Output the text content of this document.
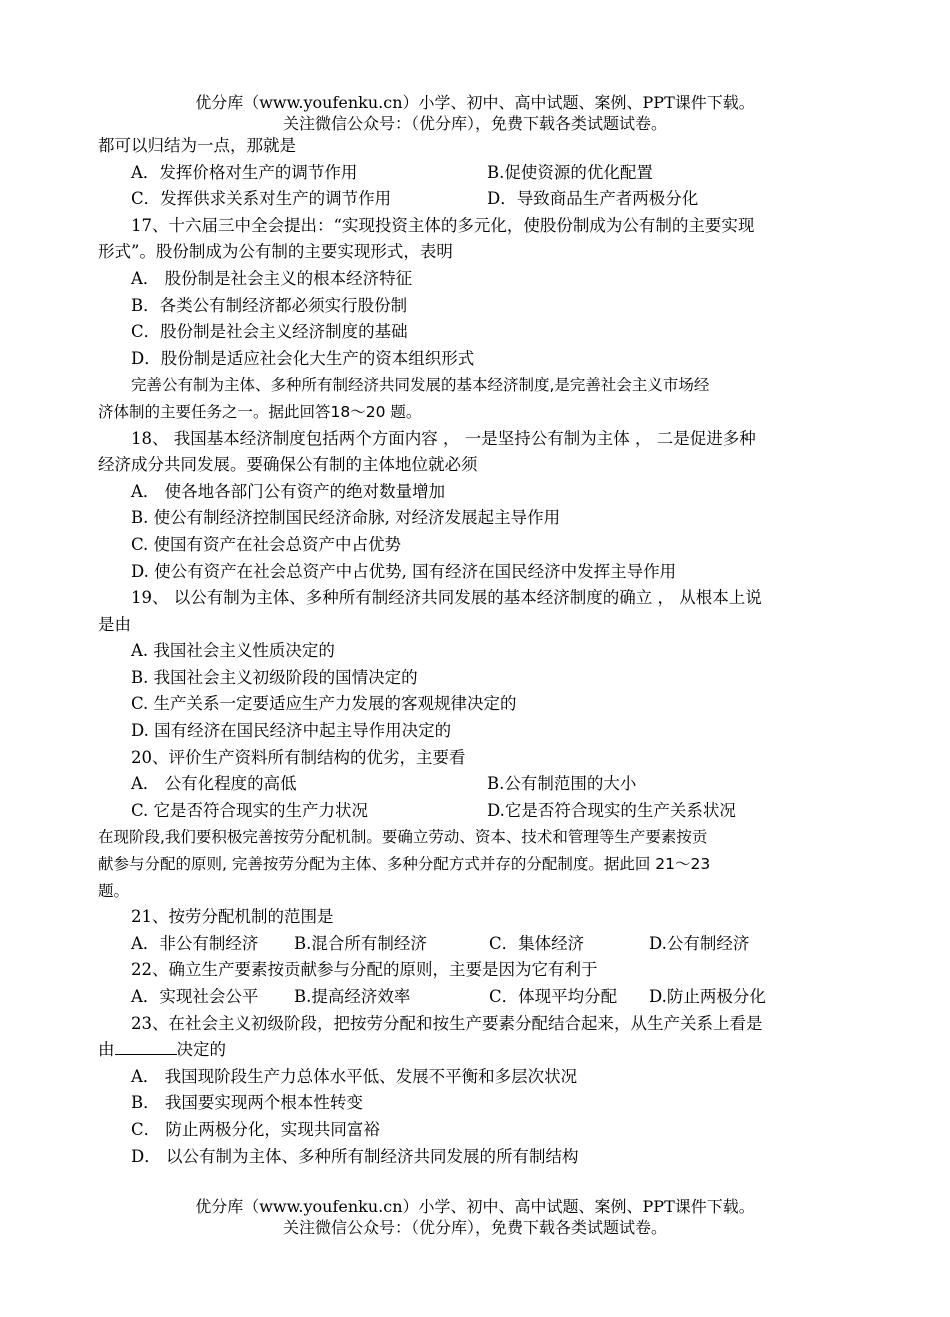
优分库（www.youfenku.cn）小学、初中、高中试题、案例、PPT课件下载。
关注微信公众号：（优分库），免费下载各类试题试卷。
都可以归结为一点，那就是
A．发挥价格对生产的调节作用	B.促使资源的优化配置
C．发挥供求关系对生产的调节作用	D．导致商品生产者两极分化
17、十六届三中全会提出：“实现投资主体的多元化，使股份制成为公有制的主要实现
形式”。股份制成为公有制的主要实现形式，表明
A． 股份制是社会主义的根本经济特征
B．各类公有制经济都必须实行股份制
C．股份制是社会主义经济制度的基础
D．股份制是适应社会化大生产的资本组织形式
完善公有制为主体、多种所有制经济共同发展的基本经济制度,是完善社会主义市场经
济体制的主要任务之一。据此回答18～20 题。
18、 我国基本经济制度包括两个方面内容 ， 一是坚持公有制为主体 ， 二是促进多种
经济成分共同发展。要确保公有制的主体地位就必须
A． 使各地各部门公有资产的绝对数量增加
B. 使公有制经济控制国民经济命脉, 对经济发展起主导作用
C. 使国有资产在社会总资产中占优势
D. 使公有资产在社会总资产中占优势, 国有经济在国民经济中发挥主导作用
19、 以公有制为主体、多种所有制经济共同发展的基本经济制度的确立 ， 从根本上说
是由
A. 我国社会主义性质决定的
B. 我国社会主义初级阶段的国情决定的
C. 生产关系一定要适应生产力发展的客观规律决定的
D. 国有经济在国民经济中起主导作用决定的
20、评价生产资料所有制结构的优劣，主要看
A． 公有化程度的高低	B.公有制范围的大小
C. 它是否符合现实的生产力状况	D.它是否符合现实的生产关系状况
在现阶段,我们要积极完善按劳分配机制。要确立劳动、资本、技术和管理等生产要素按贡
献参与分配的原则, 完善按劳分配为主体、多种分配方式并存的分配制度。据此回 21～23
题。
21、按劳分配机制的范围是
A．非公有制经济 B.混合所有制经济	C．集体经济	D.公有制经济
22、确立生产要素按贡献参与分配的原则，主要是因为它有利于
A．实现社会公平 B.提高经济效率	C．体现平均分配 D.防止两极分化
23、在社会主义初级阶段，把按劳分配和按生产要素分配结合起来，从生产关系上看是
由	决定的
A． 我国现阶段生产力总体水平低、发展不平衡和多层次状况
B． 我国要实现两个根本性转变
C． 防止两极分化，实现共同富裕
D． 以公有制为主体、多种所有制经济共同发展的所有制结构
优分库（www.youfenku.cn）小学、初中、高中试题、案例、PPT课件下载。
关注微信公众号：（优分库），免费下载各类试题试卷。
